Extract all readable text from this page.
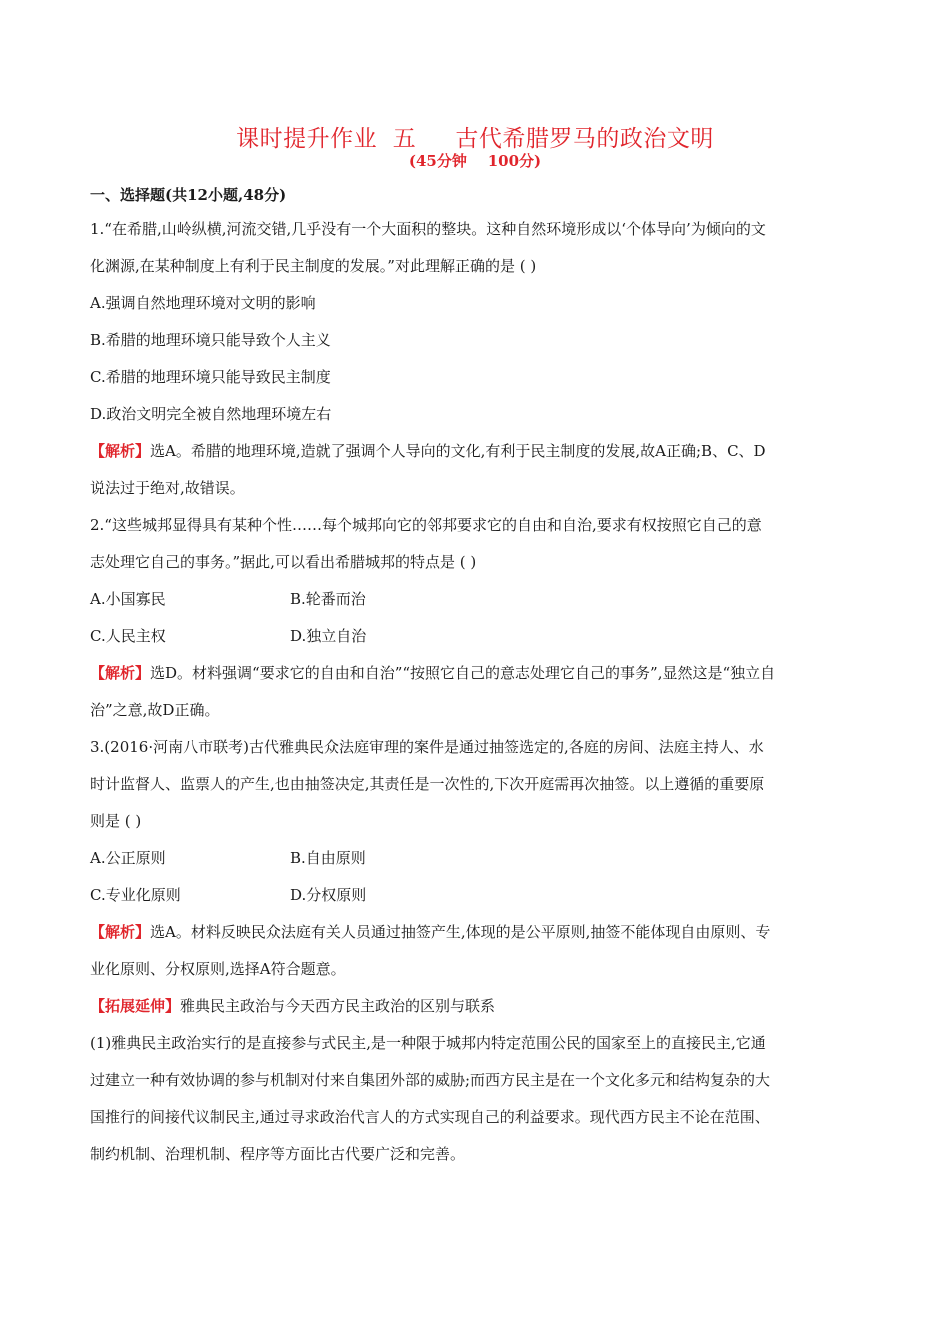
课时提升作业  五     古代希腊罗马的政治文明
(45分钟    100分)
一、选择题(共12小题,48分)
1.“在希腊,山岭纵横,河流交错,几乎没有一个大面积的整块。这种自然环境形成以‘个体导向’为倾向的文
化渊源,在某种制度上有利于民主制度的发展。”对此理解正确的是 ( )
A.强调自然地理环境对文明的影响
B.希腊的地理环境只能导致个人主义
C.希腊的地理环境只能导致民主制度
D.政治文明完全被自然地理环境左右
【解析】选A。希腊的地理环境,造就了强调个人导向的文化,有利于民主制度的发展,故A正确;B、C、D
说法过于绝对,故错误。
2.“这些城邦显得具有某种个性……每个城邦向它的邻邦要求它的自由和自治,要求有权按照它自己的意
志处理它自己的事务。”据此,可以看出希腊城邦的特点是 ( )
A.小国寡民	B.轮番而治
C.人民主权	D.独立自治
【解析】选D。材料强调“要求它的自由和自治”“按照它自己的意志处理它自己的事务”,显然这是“独立自
治”之意,故D正确。
3.(2016·河南八市联考)古代雅典民众法庭审理的案件是通过抽签选定的,各庭的房间、法庭主持人、水
时计监督人、监票人的产生,也由抽签决定,其责任是一次性的,下次开庭需再次抽签。以上遵循的重要原
则是 ( )
A.公正原则	B.自由原则
C.专业化原则	D.分权原则
【解析】选A。材料反映民众法庭有关人员通过抽签产生,体现的是公平原则,抽签不能体现自由原则、专
业化原则、分权原则,选择A符合题意。
【拓展延伸】雅典民主政治与今天西方民主政治的区别与联系
(1)雅典民主政治实行的是直接参与式民主,是一种限于城邦内特定范围公民的国家至上的直接民主,它通
过建立一种有效协调的参与机制对付来自集团外部的威胁;而西方民主是在一个文化多元和结构复杂的大
国推行的间接代议制民主,通过寻求政治代言人的方式实现自己的利益要求。现代西方民主不论在范围、
制约机制、治理机制、程序等方面比古代要广泛和完善。
